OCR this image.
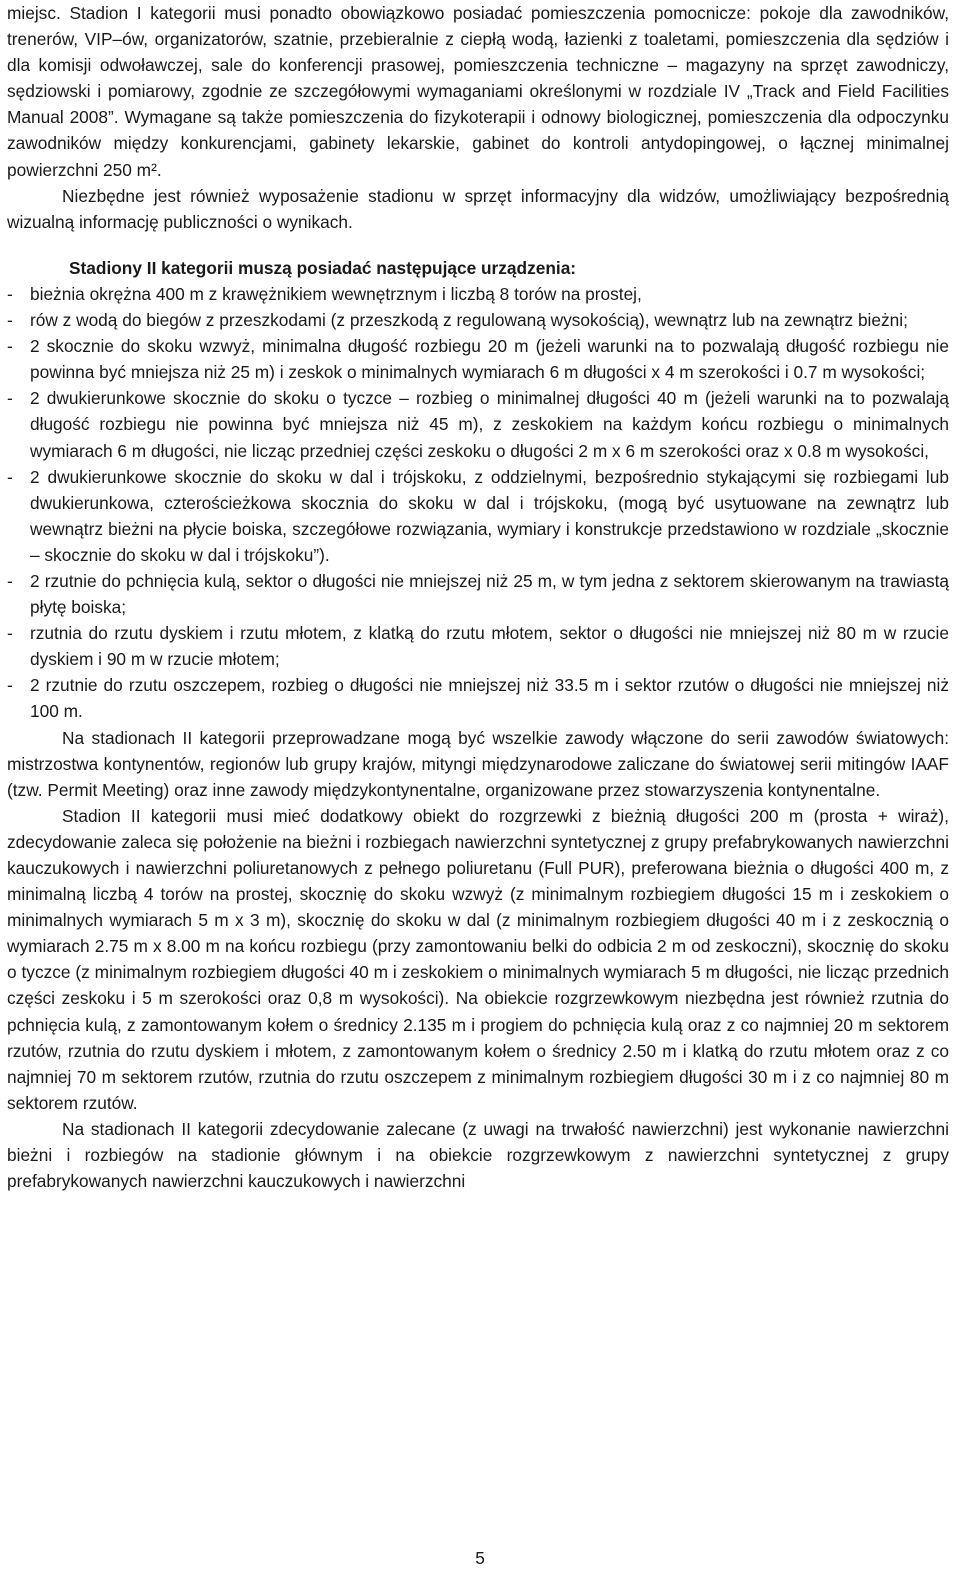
miejsc. Stadion I kategorii musi ponadto obowiązkowo posiadać pomieszczenia pomocnicze: pokoje dla zawodników, trenerów, VIP–ów, organizatorów, szatnie, przebieralnie z ciepłą wodą, łazienki z toaletami, pomieszczenia dla sędziów i dla komisji odwoławczej, sale do konferencji prasowej, pomieszczenia techniczne – magazyny na sprzęt zawodniczy, sędziowski i pomiarowy, zgodnie ze szczegółowymi wymaganiami określonymi w rozdziale IV „Track and Field Facilities Manual 2008”. Wymagane są także pomieszczenia do fizykoterapii i odnowy biologicznej, pomieszczenia dla odpoczynku zawodników między konkurencjami, gabinety lekarskie, gabinet do kontroli antydopingowej, o łącznej minimalnej powierzchni 250 m².

Niezbędne jest również wyposażenie stadionu w sprzęt informacyjny dla widzów, umożliwiający bezpośrednią wizualną informację publiczności o wynikach.

Stadiony II kategorii muszą posiadać następujące urządzenia:

- bieżnia okrężna 400 m z krawężnikiem wewnętrznym i liczbą 8 torów na prostej,
- rów z wodą do biegów z przeszkodami (z przeszkodą z regulowaną wysokością), wewnątrz lub na zewnątrz bieżni;
- 2 skocznie do skoku wzwyż, minimalna długość rozbiegu 20 m (jeżeli warunki na to pozwalają długość rozbiegu nie powinna być mniejsza niż 25 m) i zeskok o minimalnych wymiarach 6 m długości x 4 m szerokości i 0.7 m wysokości;
- 2 dwukierunkowe skocznie do skoku o tyczce – rozbieg o minimalnej długości 40 m (jeżeli warunki na to pozwalają długość rozbiegu nie powinna być mniejsza niż 45 m), z zeskokiem na każdym końcu rozbiegu o minimalnych wymiarach 6 m długości, nie licząc przedniej części zeskoku o długości 2 m x 6 m szerokości oraz x 0.8 m wysokości,
- 2 dwukierunkowe skocznie do skoku w dal i trójskoku, z oddzielnymi, bezpośrednio stykającymi się rozbiegami lub dwukierunkowa, czterościeżkowa skocznia do skoku w dal i trójskoku, (mogą być usytuowane na zewnątrz lub wewnątrz bieżni na płycie boiska, szczegółowe rozwiązania, wymiary i konstrukcje przedstawiono w rozdziale „skocznie – skocznie do skoku w dal i trójskoku”).
- 2 rzutnie do pchnięcia kulą, sektor o długości nie mniejszej niż 25 m, w tym jedna z sektorem skierowanym na trawiastą płytę boiska;
- rzutnia do rzutu dyskiem i rzutu młotem, z klatką do rzutu młotem, sektor o długości nie mniejszej niż 80 m w rzucie dyskiem i 90 m w rzucie młotem;
- 2 rzutnie do rzutu oszczepem, rozbieg o długości nie mniejszej niż 33.5 m i sektor rzutów o długości nie mniejszej niż 100 m.

Na stadionach II kategorii przeprowadzane mogą być wszelkie zawody włączone do serii zawodów światowych: mistrzostwa kontynentów, regionów lub grupy krajów, mityngi międzynarodowe zaliczane do światowej serii mitingów IAAF (tzw. Permit Meeting) oraz inne zawody międzykontynentalne, organizowane przez stowarzyszenia kontynentalne.

Stadion II kategorii musi mieć dodatkowy obiekt do rozgrzewki z bieżnią długości 200 m (prosta + wiraż), zdecydowanie zaleca się położenie na bieżni i rozbiegach nawierzchni syntetycznej z grupy prefabrykowanych nawierzchni kauczukowych i nawierzchni poliuretanowych z pełnego poliuretanu (Full PUR), preferowana bieżnia o długości 400 m, z minimalną liczbą 4 torów na prostej, skocznię do skoku wzwyż (z minimalnym rozbiegiem długości 15 m i zeskokiem o minimalnych wymiarach 5 m x 3 m), skocznię do skoku w dal (z minimalnym rozbiegiem długości 40 m i z zeskocznią o wymiarach 2.75 m x 8.00 m na końcu rozbiegu (przy zamontowaniu belki do odbicia 2 m od zeskoczni), skocznię do skoku o tyczce (z minimalnym rozbiegiem długości 40 m i zeskokiem o minimalnych wymiarach 5 m długości, nie licząc przednich części zeskoku i 5 m szerokości oraz 0,8 m wysokości). Na obiekcie rozgrzewkowym niezbędna jest również rzutnia do pchnięcia kulą, z zamontowanym kołem o średnicy 2.135 m i progiem do pchnięcia kulą oraz z co najmniej 20 m sektorem rzutów, rzutnia do rzutu dyskiem i młotem, z zamontowanym kołem o średnicy 2.50 m i klatką do rzutu młotem oraz z co najmniej 70 m sektorem rzutów, rzutnia do rzutu oszczepem z minimalnym rozbiegiem długości 30 m i z co najmniej 80 m sektorem rzutów.

Na stadionach II kategorii zdecydowanie zalecane (z uwagi na trwałość nawierzchni) jest wykonanie nawierzchni bieżni i rozbiegów na stadionie głównym i na obiekcie rozgrzewkowym z nawierzchni syntetycznej z grupy prefabrykowanych nawierzchni kauczukowych i nawierzchni

5
